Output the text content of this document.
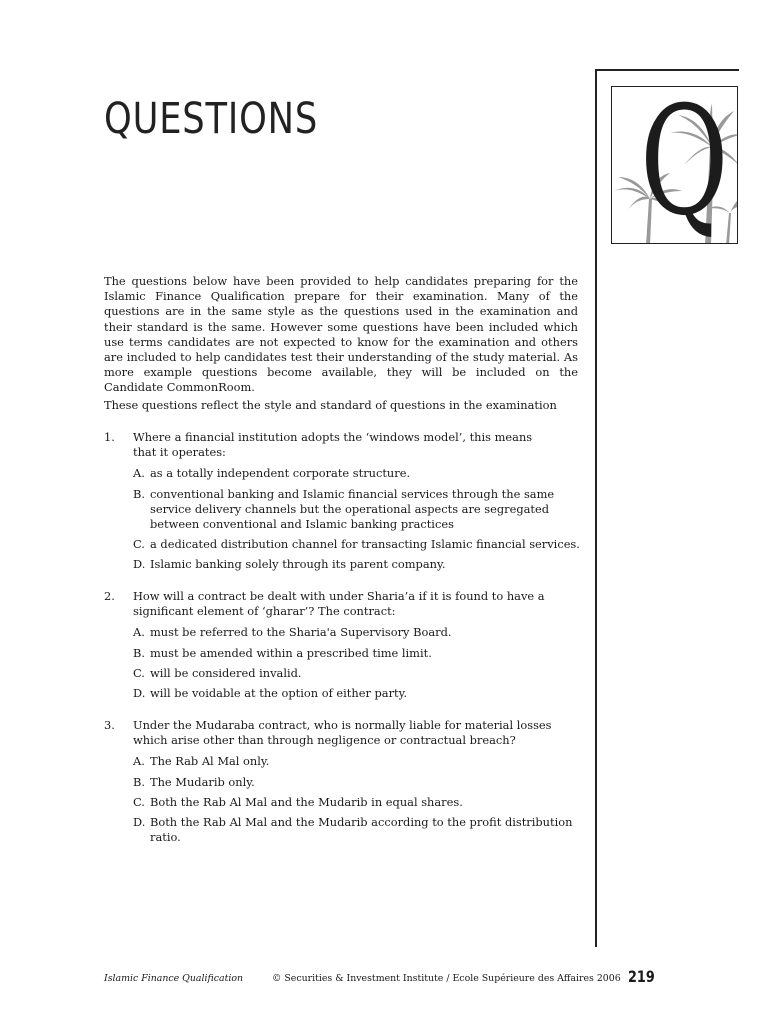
QUESTIONS Q

The questions below have been provided to help candidates preparing for the Islamic Finance Qualification prepare for their examination. Many of the questions are in the same style as the questions used in the examination and their standard is the same. However some questions have been included which use terms candidates are not expected to know for the examination and others are included to help candidates test their understanding of the study material. As more example questions become available, they will be included on the Candidate CommonRoom.

These questions reflect the style and standard of questions in the examination

1. Where a financial institution adopts the ‘windows model’, this means that it operates:
A. as a totally independent corporate structure.
B. conventional banking and Islamic financial services through the same service delivery channels but the operational aspects are segregated between conventional and Islamic banking practices
C. a dedicated distribution channel for transacting Islamic financial services.
D. Islamic banking solely through its parent company.
2. How will a contract be dealt with under Sharia’a if it is found to have a significant element of ‘gharar’? The contract:
A. must be referred to the Sharia'a Supervisory Board.
B. must be amended within a prescribed time limit.
C. will be considered invalid.
D. will be voidable at the option of either party.
3. Under the Mudaraba contract, who is normally liable for material losses which arise other than through negligence or contractual breach?
A. The Rab Al Mal only.
B. The Mudarib only.
C. Both the Rab Al Mal and the Mudarib in equal shares.
D. Both the Rab Al Mal and the Mudarib according to the profit distribution ratio.
Islamic Finance Qualification	© Securities & Investment Institute / Ecole Supérieure des Affaires 2006 219
